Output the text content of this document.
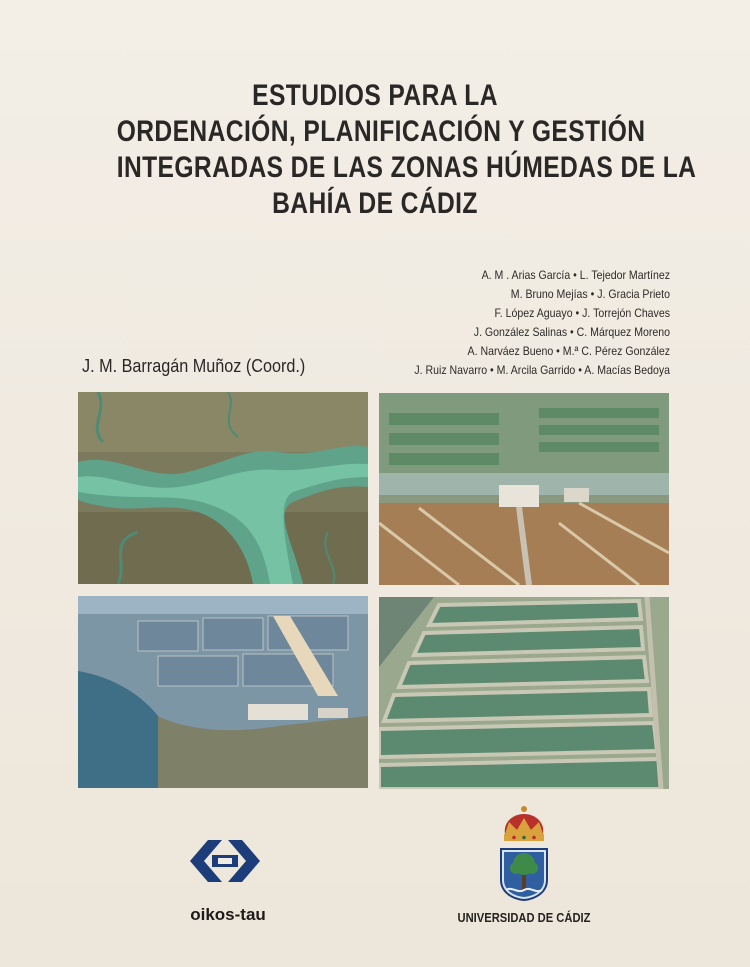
ESTUDIOS PARA LA
ORDENACIÓN, PLANIFICACIÓN Y GESTIÓN
INTEGRADAS DE LAS ZONAS HÚMEDAS DE LA
BAHÍA DE CÁDIZ
A. M . Arias García • L. Tejedor Martínez
M. Bruno Mejías • J. Gracia Prieto
F. López Aguayo • J. Torrejón Chaves
J. González Salinas • C. Márquez Moreno
A. Narváez Bueno • M.ª C. Pérez González
J. Ruiz Navarro • M. Arcila Garrido • A. Macías Bedoya
J. M. Barragán Muñoz (Coord.)
oikos-tau	UNIVERSIDAD DE CÁDIZ
